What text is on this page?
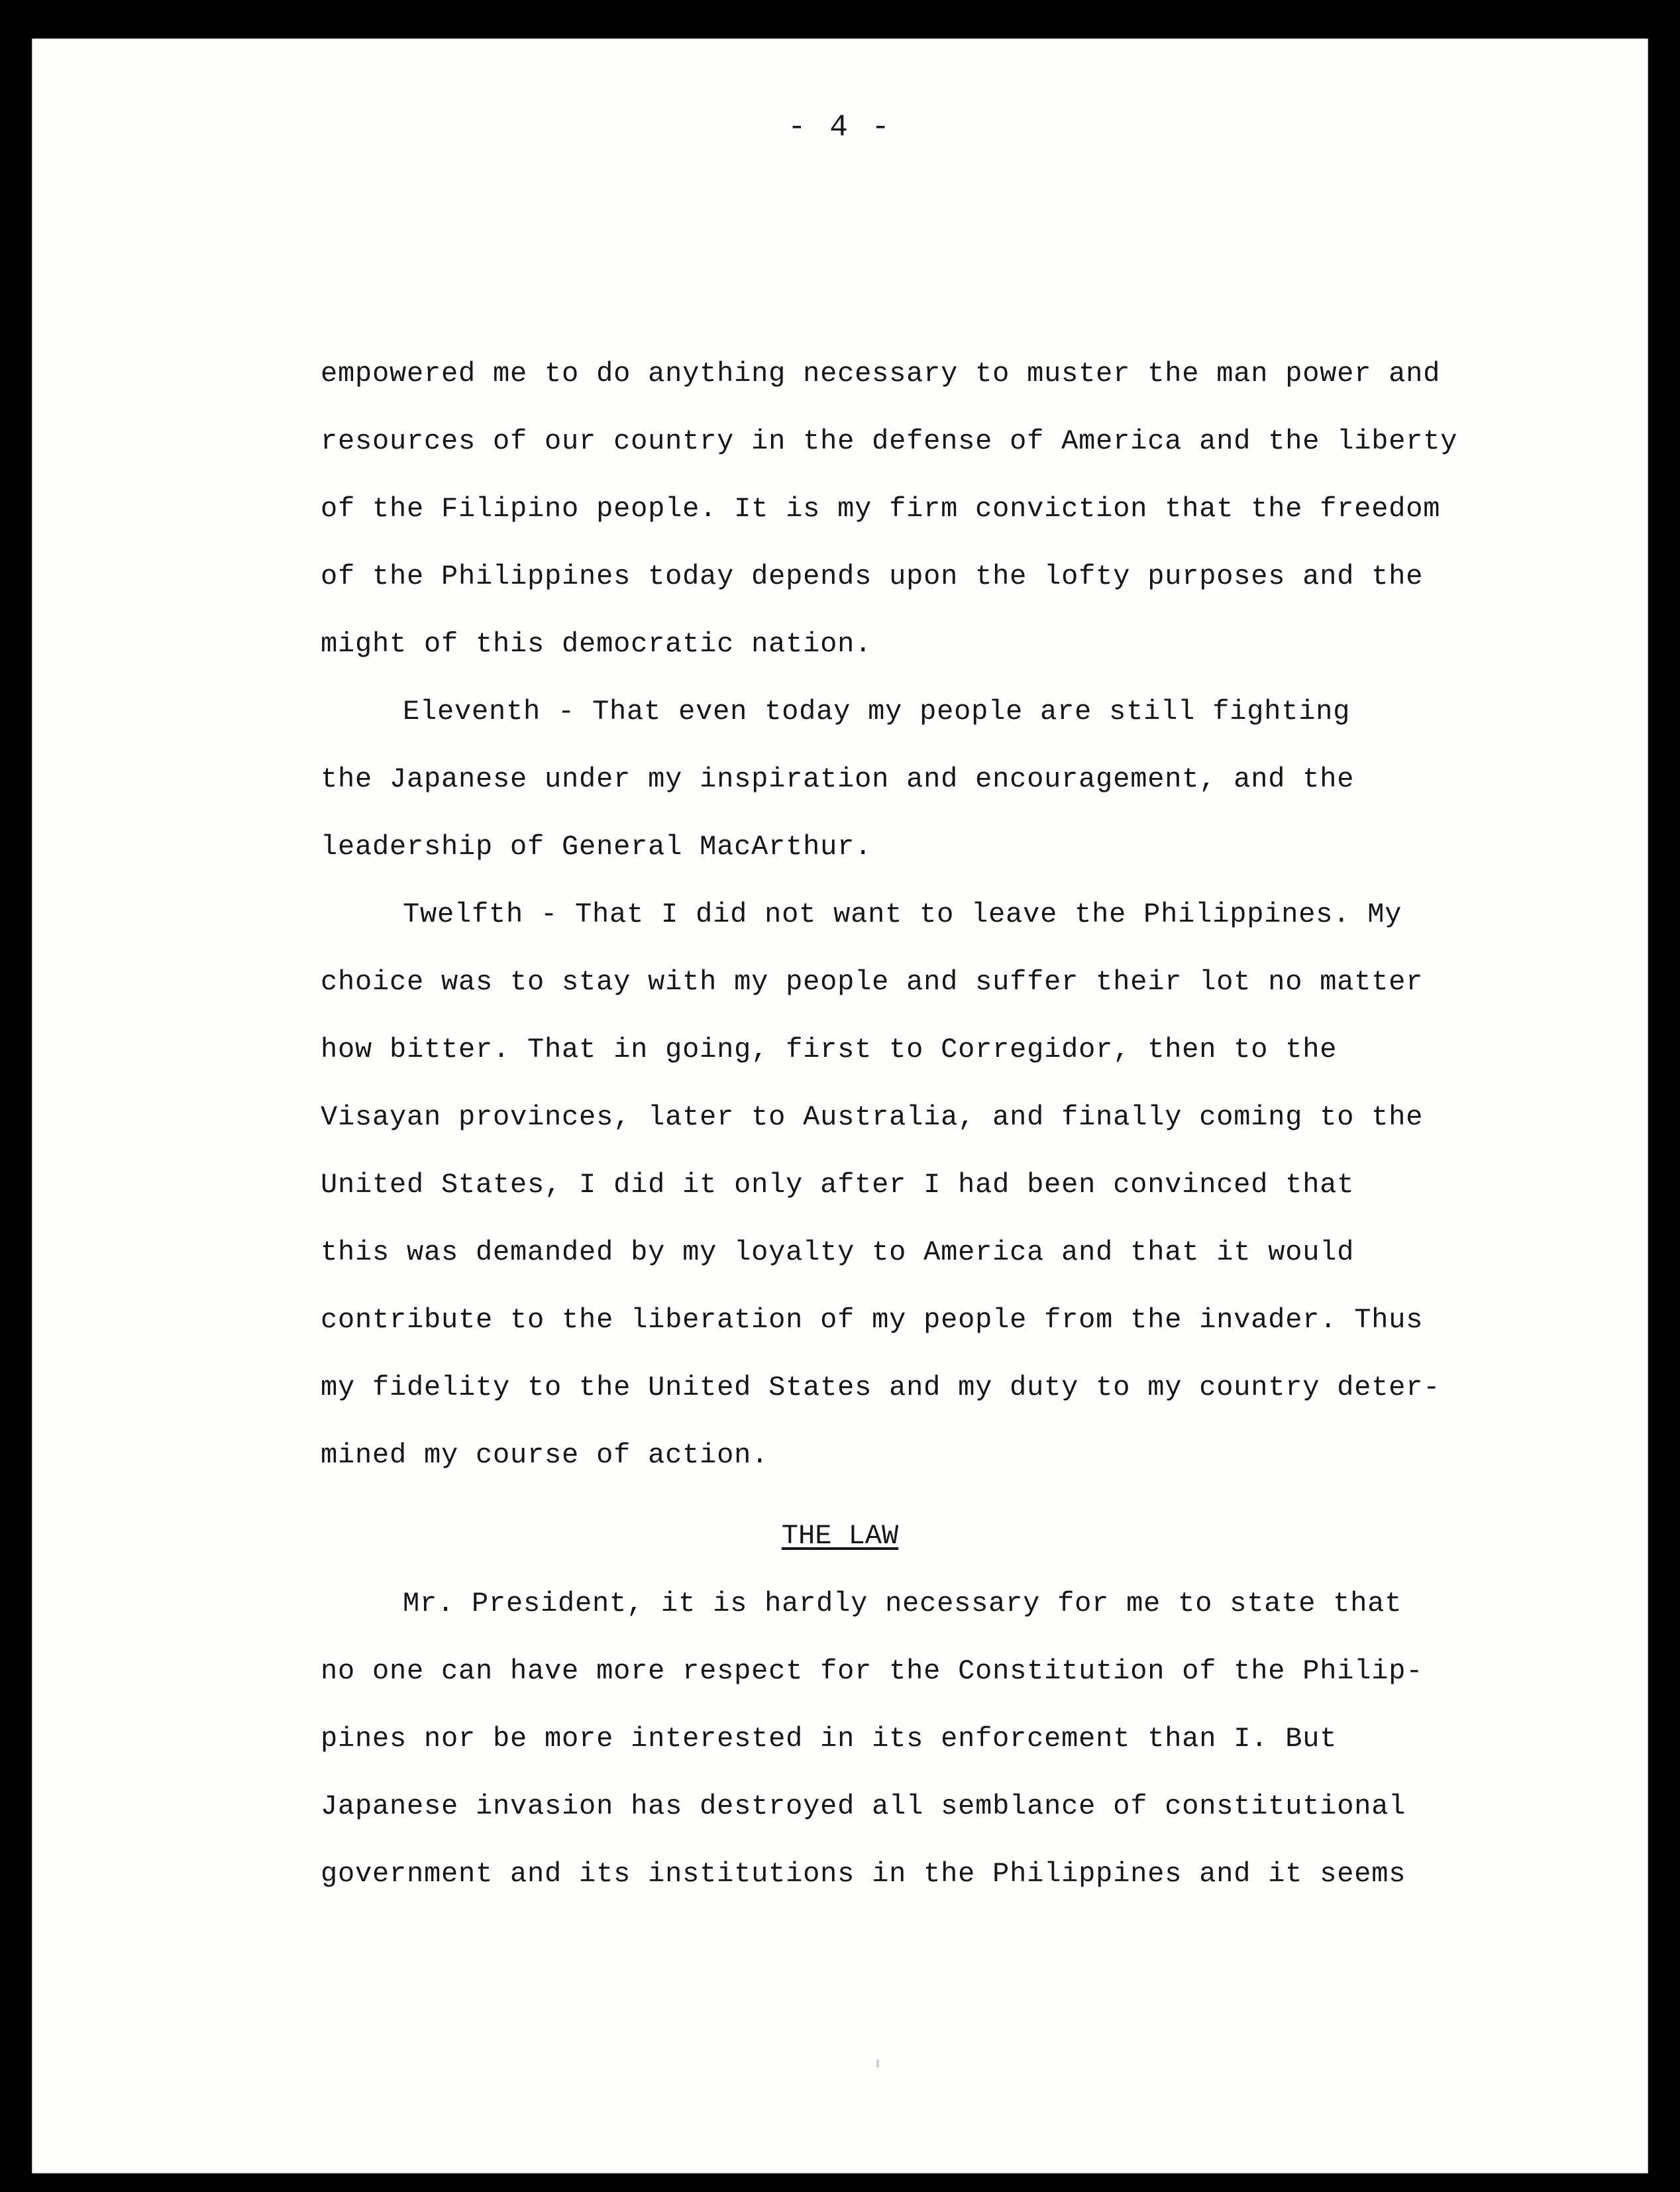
- 4 -
empowered me to do anything necessary to muster the man power and
resources of our country in the defense of America and the liberty
of the Filipino people. It is my firm conviction that the freedom
of the Philippines today depends upon the lofty purposes and the
might of this democratic nation.
Eleventh - That even today my people are still fighting
the Japanese under my inspiration and encouragement, and the
leadership of General MacArthur.
Twelfth - That I did not want to leave the Philippines. My
choice was to stay with my people and suffer their lot no matter
how bitter. That in going, first to Corregidor, then to the
Visayan provinces, later to Australia, and finally coming to the
United States, I did it only after I had been convinced that
this was demanded by my loyalty to America and that it would
contribute to the liberation of my people from the invader. Thus
my fidelity to the United States and my duty to my country deter-
mined my course of action.
THE LAW
Mr. President, it is hardly necessary for me to state that
no one can have more respect for the Constitution of the Philip-
pines nor be more interested in its enforcement than I. But
Japanese invasion has destroyed all semblance of constitutional
government and its institutions in the Philippines and it seems
